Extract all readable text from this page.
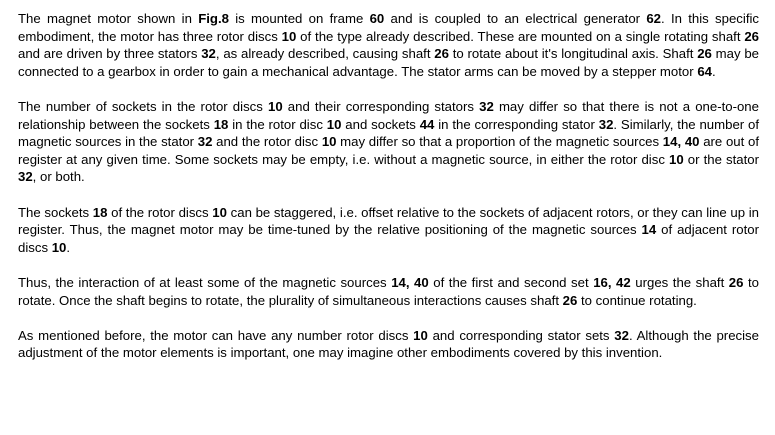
The magnet motor shown in Fig.8 is mounted on frame 60 and is coupled to an electrical generator 62. In this specific embodiment, the motor has three rotor discs 10 of the type already described. These are mounted on a single rotating shaft 26 and are driven by three stators 32, as already described, causing shaft 26 to rotate about it's longitudinal axis. Shaft 26 may be connected to a gearbox in order to gain a mechanical advantage. The stator arms can be moved by a stepper motor 64.

The number of sockets in the rotor discs 10 and their corresponding stators 32 may differ so that there is not a one-to-one relationship between the sockets 18 in the rotor disc 10 and sockets 44 in the corresponding stator 32. Similarly, the number of magnetic sources in the stator 32 and the rotor disc 10 may differ so that a proportion of the magnetic sources 14, 40 are out of register at any given time. Some sockets may be empty, i.e. without a magnetic source, in either the rotor disc 10 or the stator 32, or both.

The sockets 18 of the rotor discs 10 can be staggered, i.e. offset relative to the sockets of adjacent rotors, or they can line up in register. Thus, the magnet motor may be time-tuned by the relative positioning of the magnetic sources 14 of adjacent rotor discs 10.

Thus, the interaction of at least some of the magnetic sources 14, 40 of the first and second set 16, 42 urges the shaft 26 to rotate. Once the shaft begins to rotate, the plurality of simultaneous interactions causes shaft 26 to continue rotating.

As mentioned before, the motor can have any number rotor discs 10 and corresponding stator sets 32. Although the precise adjustment of the motor elements is important, one may imagine other embodiments covered by this invention.
